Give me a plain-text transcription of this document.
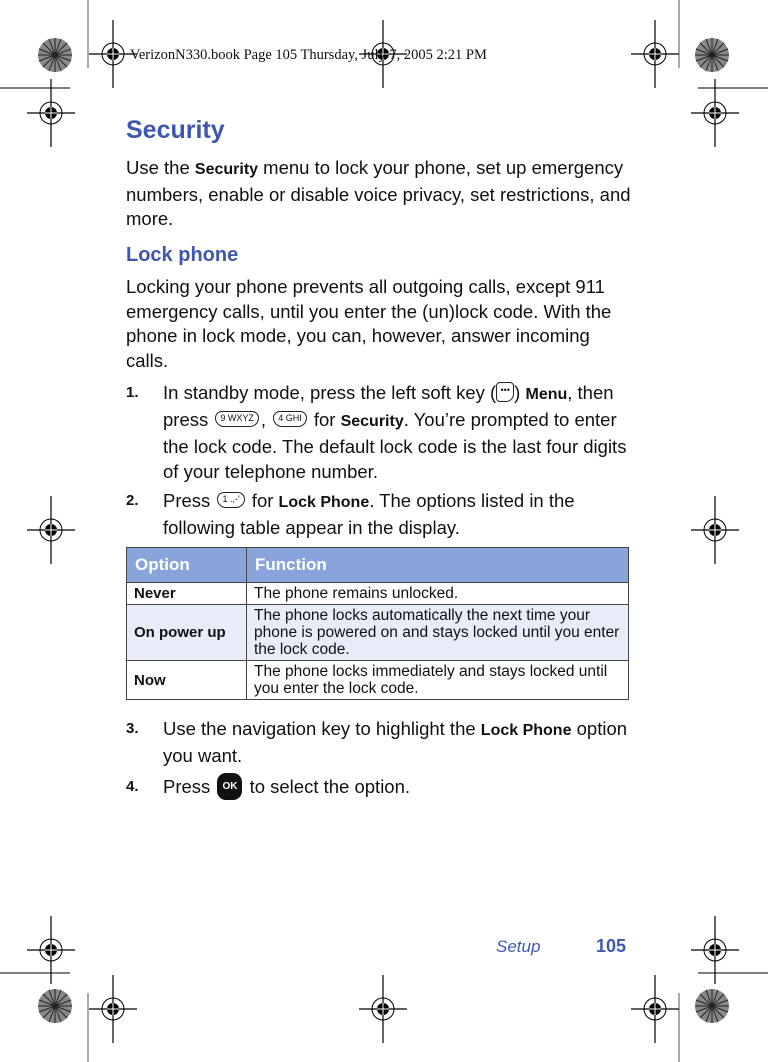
VerizonN330.book Page 105 Thursday, July 7, 2005 2:21 PM
Security
Use the Security menu to lock your phone, set up emergency numbers, enable or disable voice privacy, set restrictions, and more.
Lock phone
Locking your phone prevents all outgoing calls, except 911 emergency calls, until you enter the (un)lock code. With the phone in lock mode, you can, however, answer incoming calls.
1. In standby mode, press the left soft key ( ••• ) Menu, then press 9 WXYZ , 4 GHI for Security. You’re prompted to enter the lock code. The default lock code is the last four digits of your telephone number.
2. Press 1 .,-' for Lock Phone. The options listed in the following table appear in the display.
Option	Function
Never	The phone remains unlocked.
On power up	The phone locks automatically the next time your phone is powered on and stays locked until you enter the lock code.
Now	The phone locks immediately and stays locked until you enter the lock code.
3. Use the navigation key to highlight the Lock Phone option you want.
4. Press OK to select the option.
Setup	105
